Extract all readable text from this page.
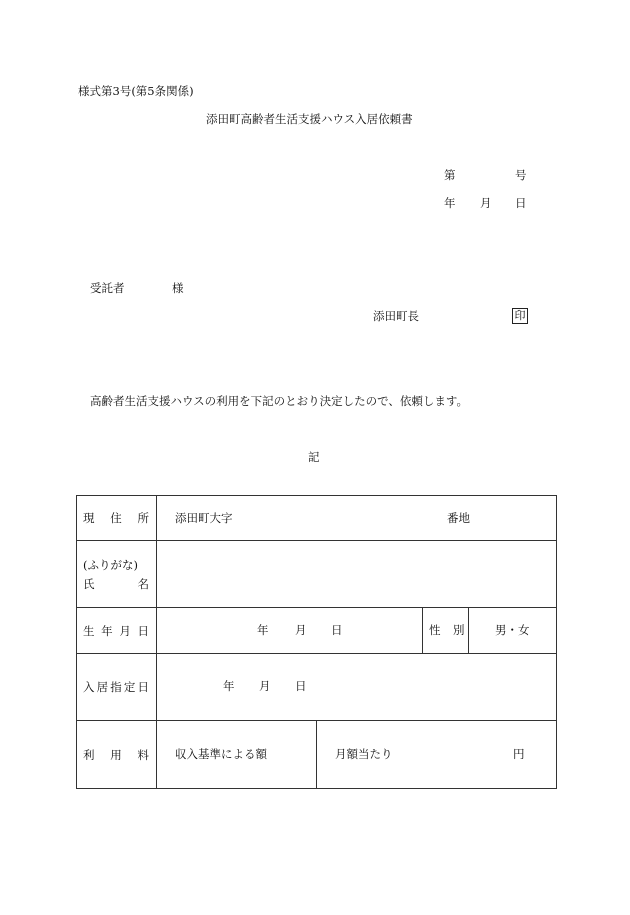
様式第3号(第5条関係)
添田町高齢者生活支援ハウス入居依頼書
第	号
年 月 日
受託者	様
添田町長	印
高齢者生活支援ハウスの利用を下記のとおり決定したので、依頼します。
記
現 住 所	添田町大字 番地			

(ふりがな)
氏 名				

生 年 月 日	年 月 日		性 別	男・女

入 居 指 定 日	年 月 日			

利 用 料	収入基準による額	月額当たり 円		
